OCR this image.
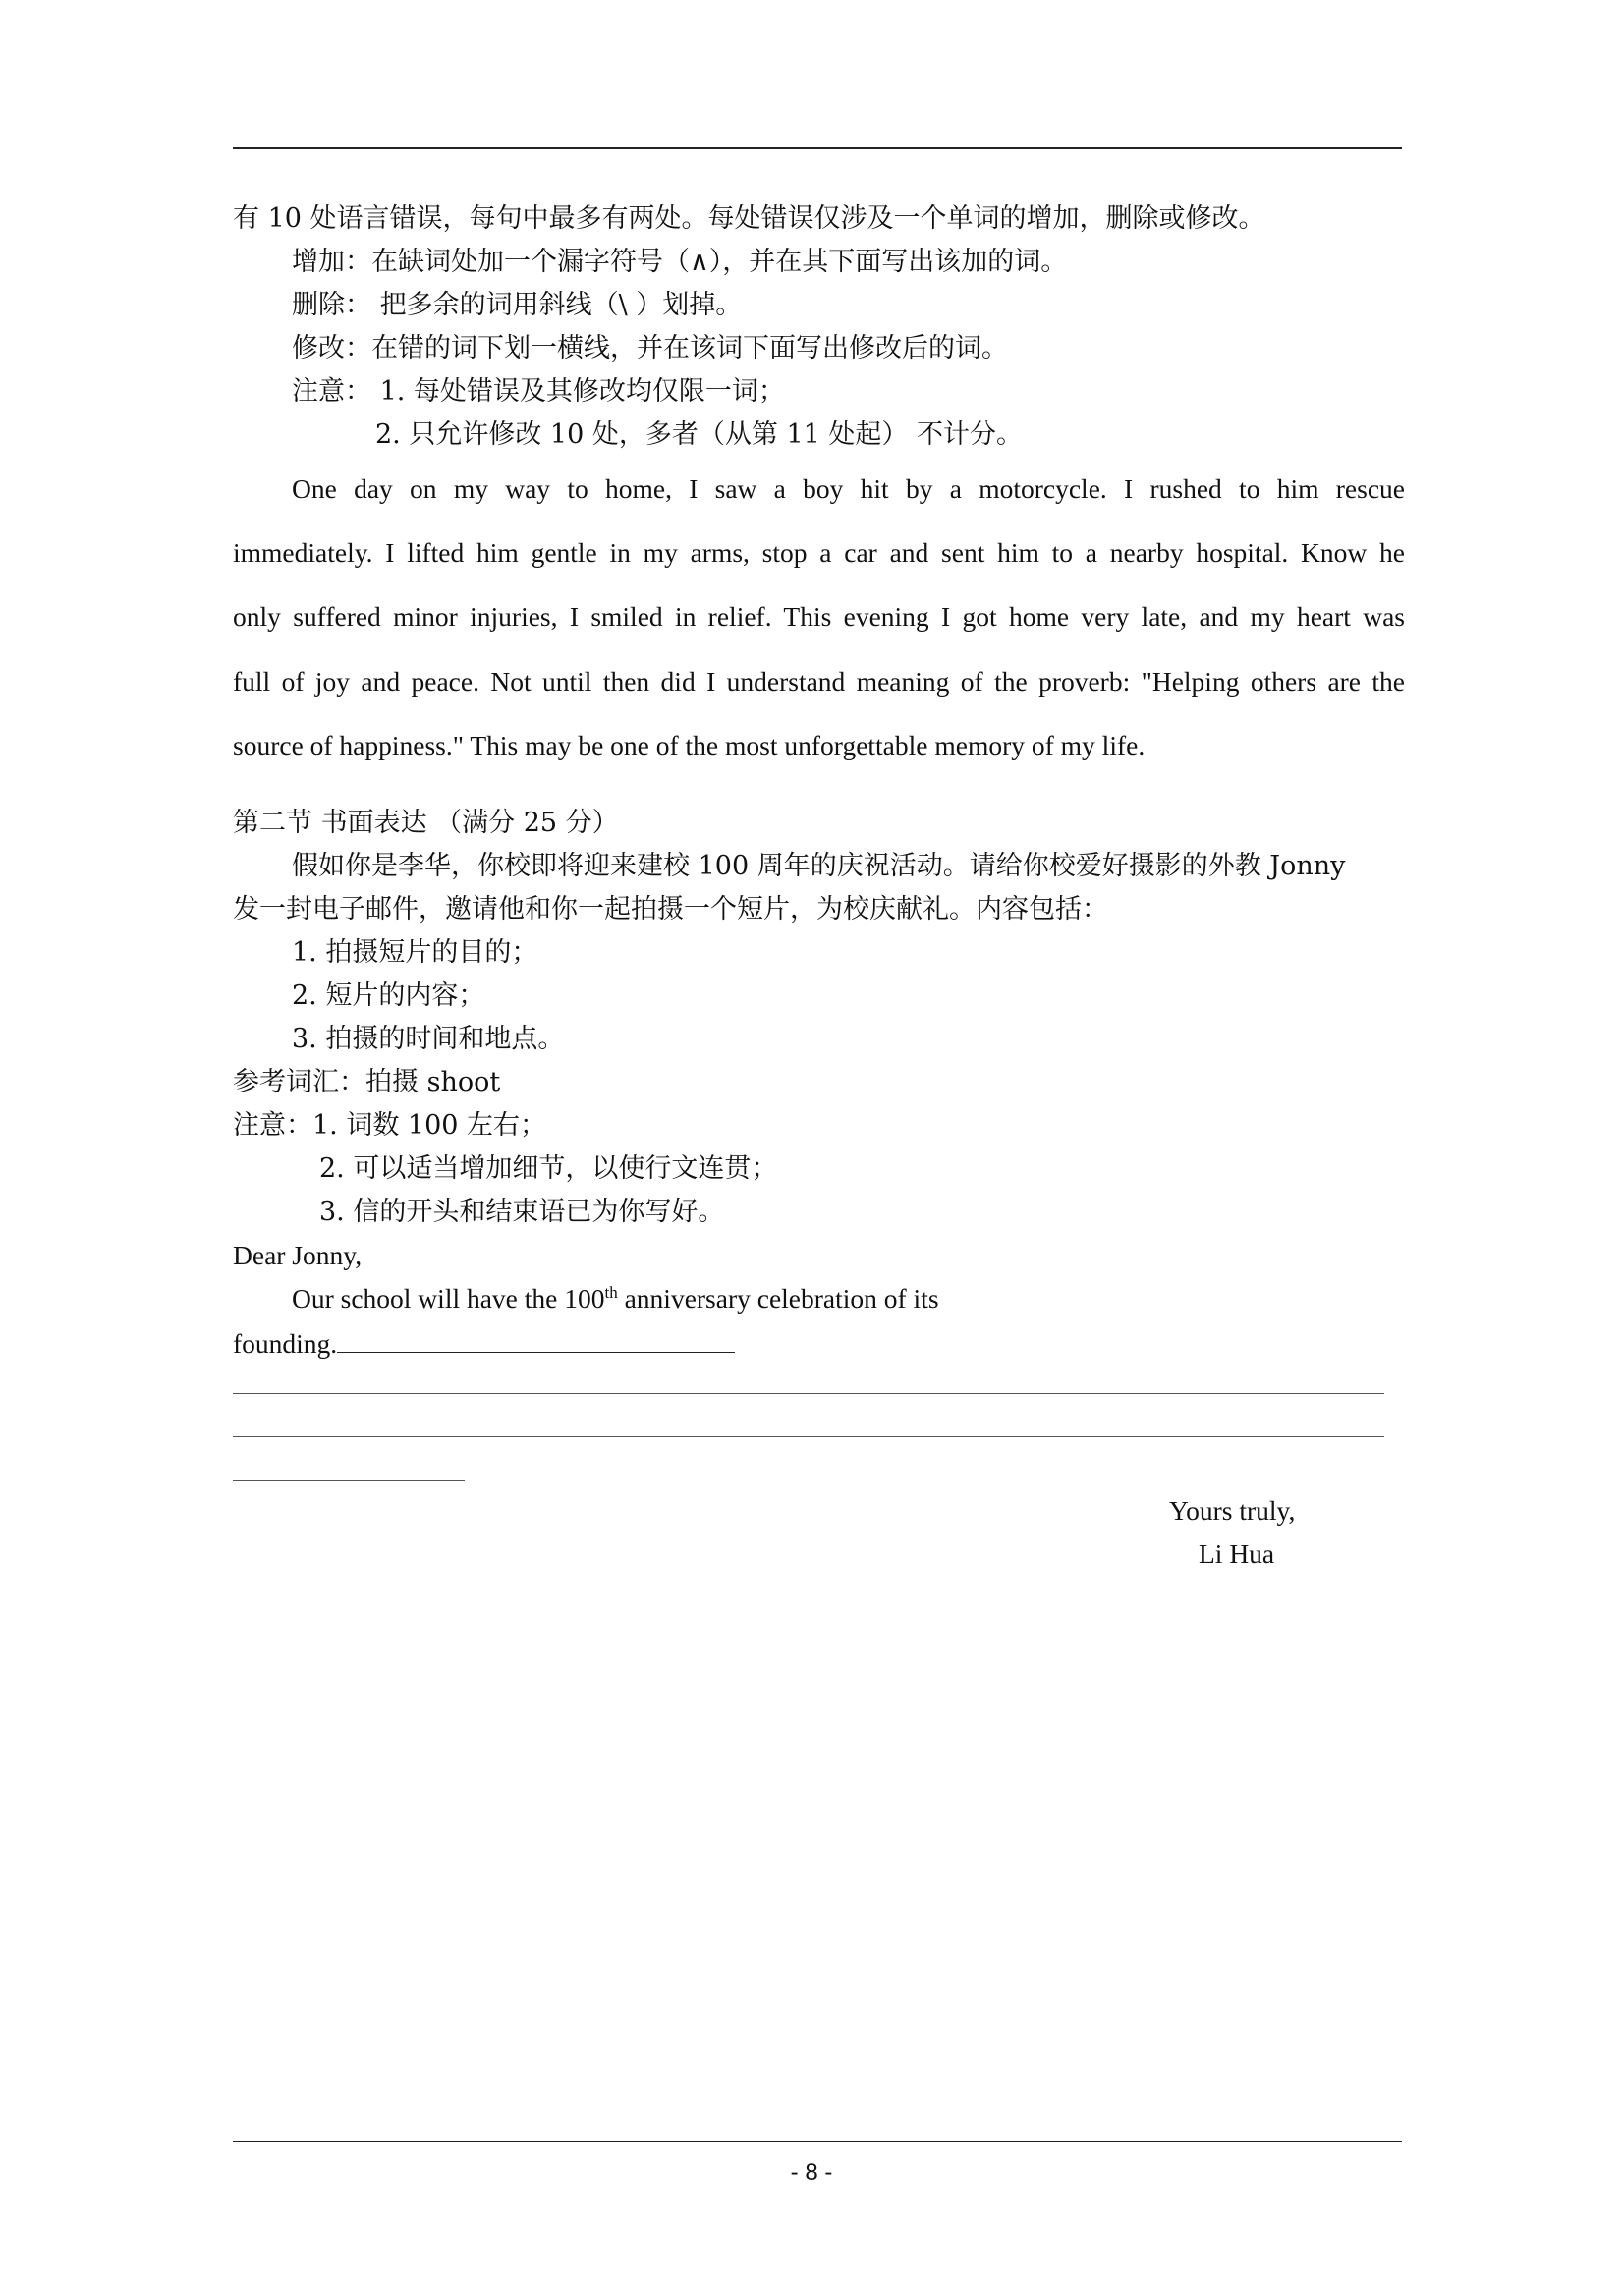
有 10 处语言错误，每句中最多有两处。每处错误仅涉及一个单词的增加，删除或修改。
增加：在缺词处加一个漏字符号（∧），并在其下面写出该加的词。
删除： 把多余的词用斜线（\ ）划掉。
修改：在错的词下划一横线，并在该词下面写出修改后的词。
注意： 1. 每处错误及其修改均仅限一词；
2. 只允许修改 10 处，多者（从第 11 处起） 不计分。
One day on my way to home, I saw a boy hit by a motorcycle. I rushed to him rescue
immediately. I lifted him gentle in my arms, stop a car and sent him to a nearby hospital. Know he
only suffered minor injuries, I smiled in relief. This evening I got home very late, and my heart was
full of joy and peace. Not until then did I understand meaning of the proverb: "Helping others are the
source of happiness." This may be one of the most unforgettable memory of my life.
第二节 书面表达 （满分 25 分）
假如你是李华，你校即将迎来建校 100 周年的庆祝活动。请给你校爱好摄影的外教 Jonny
发一封电子邮件，邀请他和你一起拍摄一个短片，为校庆献礼。内容包括：
1. 拍摄短片的目的；
2. 短片的内容；
3. 拍摄的时间和地点。
参考词汇：拍摄 shoot
注意：1. 词数 100 左右；
2. 可以适当增加细节，以使行文连贯；
3. 信的开头和结束语已为你写好。
Dear Jonny,
Our school will have the 100th anniversary celebration of its
founding.
Yours truly,
Li Hua
- 8 -
